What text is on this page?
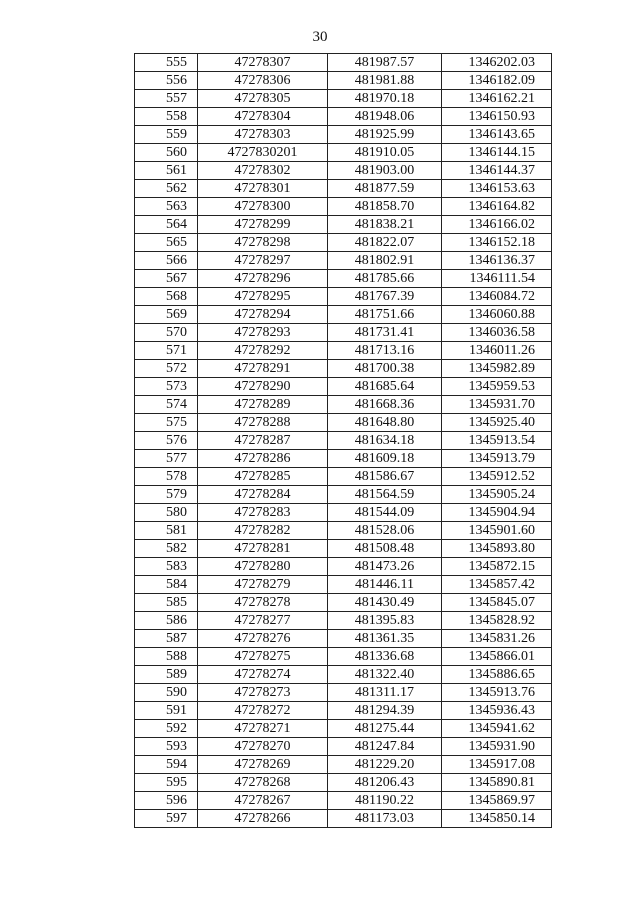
30
555	47278307	481987.57	1346202.03
556	47278306	481981.88	1346182.09
557	47278305	481970.18	1346162.21
558	47278304	481948.06	1346150.93
559	47278303	481925.99	1346143.65
560	4727830201	481910.05	1346144.15
561	47278302	481903.00	1346144.37
562	47278301	481877.59	1346153.63
563	47278300	481858.70	1346164.82
564	47278299	481838.21	1346166.02
565	47278298	481822.07	1346152.18
566	47278297	481802.91	1346136.37
567	47278296	481785.66	1346111.54
568	47278295	481767.39	1346084.72
569	47278294	481751.66	1346060.88
570	47278293	481731.41	1346036.58
571	47278292	481713.16	1346011.26
572	47278291	481700.38	1345982.89
573	47278290	481685.64	1345959.53
574	47278289	481668.36	1345931.70
575	47278288	481648.80	1345925.40
576	47278287	481634.18	1345913.54
577	47278286	481609.18	1345913.79
578	47278285	481586.67	1345912.52
579	47278284	481564.59	1345905.24
580	47278283	481544.09	1345904.94
581	47278282	481528.06	1345901.60
582	47278281	481508.48	1345893.80
583	47278280	481473.26	1345872.15
584	47278279	481446.11	1345857.42
585	47278278	481430.49	1345845.07
586	47278277	481395.83	1345828.92
587	47278276	481361.35	1345831.26
588	47278275	481336.68	1345866.01
589	47278274	481322.40	1345886.65
590	47278273	481311.17	1345913.76
591	47278272	481294.39	1345936.43
592	47278271	481275.44	1345941.62
593	47278270	481247.84	1345931.90
594	47278269	481229.20	1345917.08
595	47278268	481206.43	1345890.81
596	47278267	481190.22	1345869.97
597	47278266	481173.03	1345850.14
